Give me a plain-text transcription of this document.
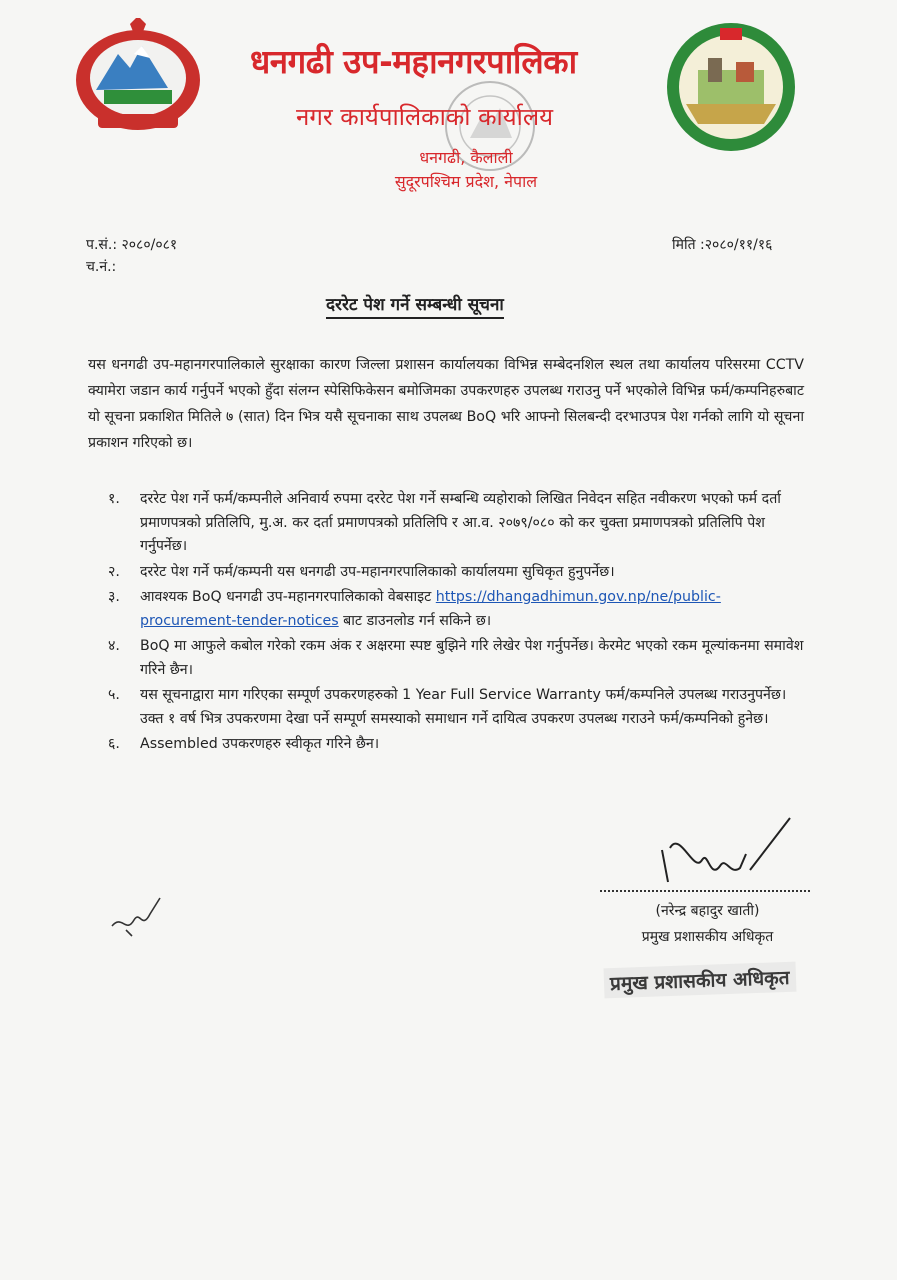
धनगढी उप-महानगरपालिका
नगर कार्यपालिकाको कार्यालय
धनगढी, कैलाली
सुदूरपश्चिम प्रदेश, नेपाल
प.सं.: २०८०/०८१
च.नं.:
मिति :२०८०/११/१६
दररेट पेश गर्ने सम्बन्धी सूचना
यस धनगढी उप-महानगरपालिकाले सुरक्षाका कारण जिल्ला प्रशासन कार्यालयका विभिन्न सम्बेदनशिल स्थल तथा कार्यालय परिसरमा CCTV क्यामेरा जडान कार्य गर्नुपर्ने भएको हुँदा संलग्न स्पेसिफिकेसन बमोजिमका उपकरणहरु उपलब्ध गराउनु पर्ने भएकोले विभिन्न फर्म/कम्पनिहरुबाट यो सूचना प्रकाशित मितिले ७ (सात) दिन भित्र यसै सूचनाका साथ उपलब्ध BoQ भरि आफ्नो सिलबन्दी दरभाउपत्र पेश गर्नको लागि यो सूचना प्रकाशन गरिएको छ।
१. दररेट पेश गर्ने फर्म/कम्पनीले अनिवार्य रुपमा दररेट पेश गर्ने सम्बन्धि व्यहोराको लिखित निवेदन सहित नवीकरण भएको फर्म दर्ता प्रमाणपत्रको प्रतिलिपि, मु.अ. कर दर्ता प्रमाणपत्रको प्रतिलिपि र आ.व. २०७९/०८० को कर चुक्ता प्रमाणपत्रको प्रतिलिपि पेश गर्नुपर्नेछ।
२. दररेट पेश गर्ने फर्म/कम्पनी यस धनगढी उप-महानगरपालिकाको कार्यालयमा सुचिकृत हुनुपर्नेछ।
३. आवश्यक BoQ धनगढी उप-महानगरपालिकाको वेबसाइट https://dhangadhimun.gov.np/ne/public-procurement-tender-notices बाट डाउनलोड गर्न सकिने छ।
४. BoQ मा आफुले कबोल गरेको रकम अंक र अक्षरमा स्पष्ट बुझिने गरि लेखेर पेश गर्नुपर्नेछ। केरमेट भएको रकम मूल्यांकनमा समावेश गरिने छैन।
५. यस सूचनाद्वारा माग गरिएका सम्पूर्ण उपकरणहरुको 1 Year Full Service Warranty फर्म/कम्पनिले उपलब्ध गराउनुपर्नेछ। उक्त १ वर्ष भित्र उपकरणमा देखा पर्ने सम्पूर्ण समस्याको समाधान गर्ने दायित्व उपकरण उपलब्ध गराउने फर्म/कम्पनिको हुनेछ।
६. Assembled उपकरणहरु स्वीकृत गरिने छैन।
(नरेन्द्र बहादुर खाती)
प्रमुख प्रशासकीय अधिकृत
प्रमुख प्रशासकीय अधिकृत
